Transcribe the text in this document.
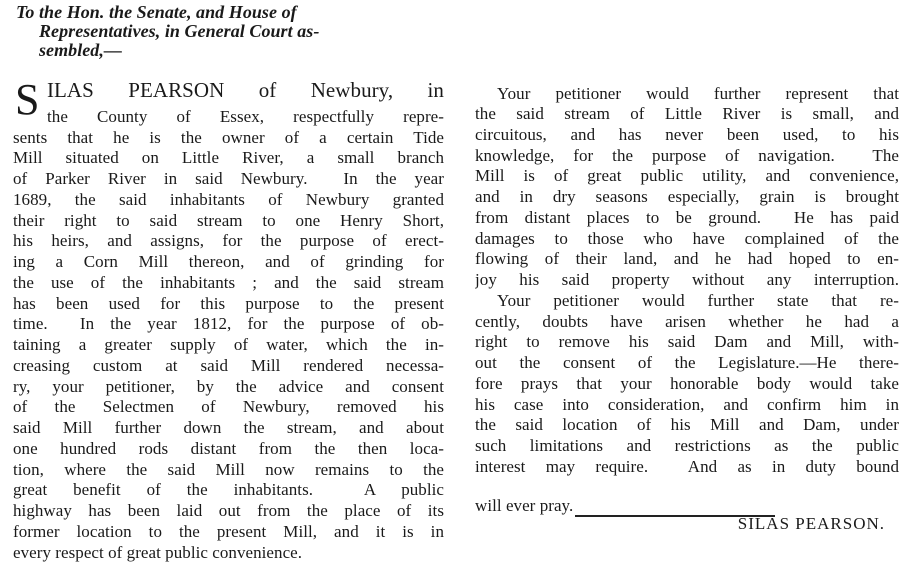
To the Hon. the Senate, and House of
Representatives, in General Court as-
sembled,—
S ILAS PEARSON of Newbury, in
the County of Essex, respectfully repre-
sents that he is the owner of a certain Tide
Mill situated on Little River, a small branch
of Parker River in said Newbury.  In the year
1689, the said inhabitants of Newbury granted
their right to said stream to one Henry Short,
his heirs, and assigns, for the purpose of erect-
ing a Corn Mill thereon, and of grinding for
the use of the inhabitants ; and the said stream
has been used for this purpose to the present
time.  In the year 1812, for the purpose of ob-
taining a greater supply of water, which the in-
creasing custom at said Mill rendered necessa-
ry, your petitioner, by the advice and consent
of the Selectmen of Newbury, removed his
said Mill further down the stream, and about
one hundred rods distant from the then loca-
tion, where the said Mill now remains to the
great benefit of the inhabitants.  A public
highway has been laid out from the place of its
former location to the present Mill, and it is in
every respect of great public convenience.
Your petitioner would further represent that
the said stream of Little River is small, and
circuitous, and has never been used, to his
knowledge, for the purpose of navigation.  The
Mill is of great public utility, and convenience,
and in dry seasons especially, grain is brought
from distant places to be ground.  He has paid
damages to those who have complained of the
flowing of their land, and he had hoped to en-
joy his said property without any interruption.
Your petitioner would further state that re-
cently, doubts have arisen whether he had a
right to remove his said Dam and Mill, with-
out the consent of the Legislature.—He there-
fore prays that your honorable body would take
his case into consideration, and confirm him in
the said location of his Mill and Dam, under
such limitations and restrictions as the public
interest may require.  And as in duty bound

will ever pray.

SILAS PEARSON.
